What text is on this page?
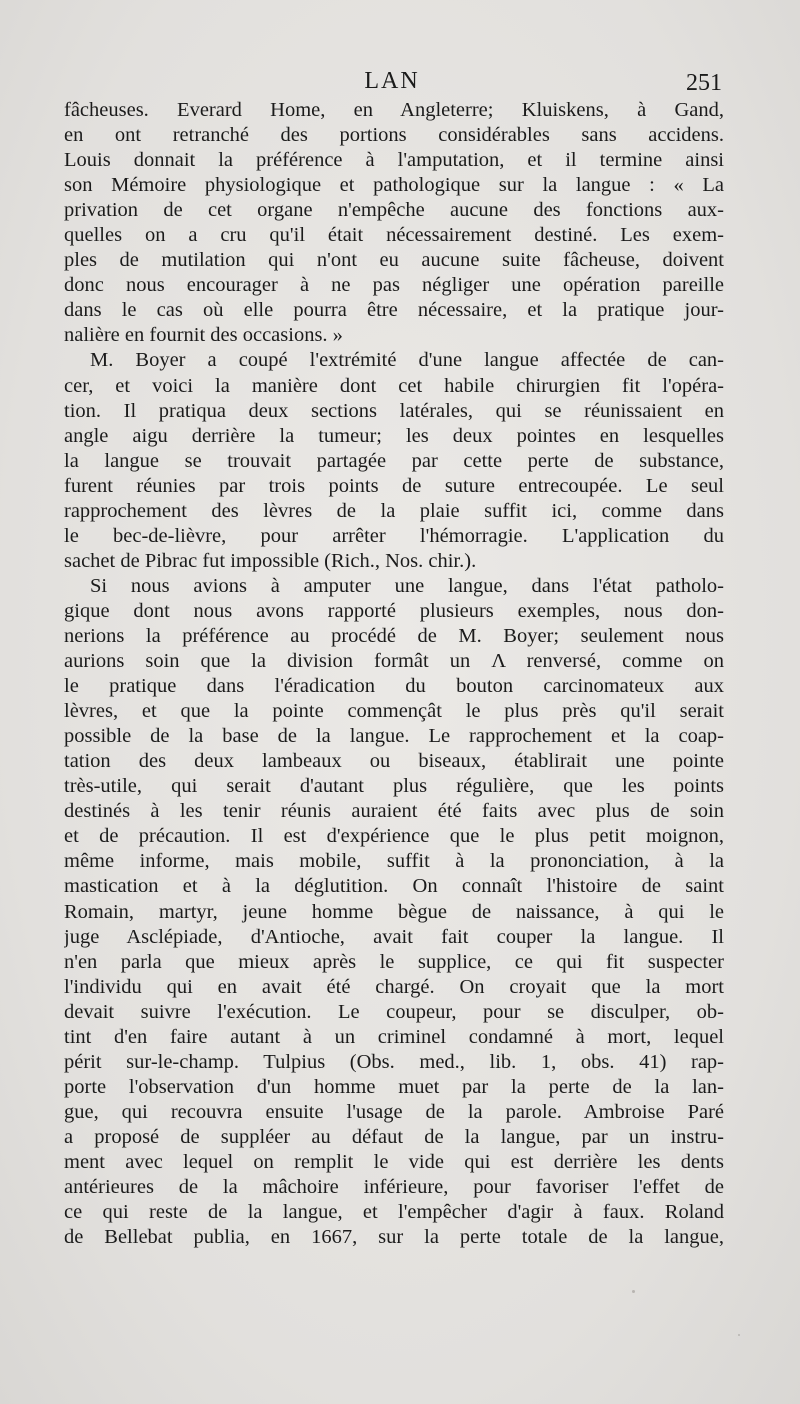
LAN	251
fâcheuses. Everard Home, en Angleterre; Kluiskens, à Gand,
en ont retranché des portions considérables sans accidens.
Louis donnait la préférence à l'amputation, et il termine ainsi
son Mémoire physiologique et pathologique sur la langue : « La
privation de cet organe n'empêche aucune des fonctions aux-
quelles on a cru qu'il était nécessairement destiné. Les exem-
ples de mutilation qui n'ont eu aucune suite fâcheuse, doivent
donc nous encourager à ne pas négliger une opération pareille
dans le cas où elle pourra être nécessaire, et la pratique jour-
nalière en fournit des occasions. »
M. Boyer a coupé l'extrémité d'une langue affectée de can-
cer, et voici la manière dont cet habile chirurgien fit l'opéra-
tion. Il pratiqua deux sections latérales, qui se réunissaient en
angle aigu derrière la tumeur; les deux pointes en lesquelles
la langue se trouvait partagée par cette perte de substance,
furent réunies par trois points de suture entrecoupée. Le seul
rapprochement des lèvres de la plaie suffit ici, comme dans
le bec-de-lièvre, pour arrêter l'hémorragie. L'application du
sachet de Pibrac fut impossible (Rich., Nos. chir.).
Si nous avions à amputer une langue, dans l'état patholo-
gique dont nous avons rapporté plusieurs exemples, nous don-
nerions la préférence au procédé de M. Boyer; seulement nous
aurions soin que la division formât un Λ renversé, comme on
le pratique dans l'éradication du bouton carcinomateux aux
lèvres, et que la pointe commençât le plus près qu'il serait
possible de la base de la langue. Le rapprochement et la coap-
tation des deux lambeaux ou biseaux, établirait une pointe
très-utile, qui serait d'autant plus régulière, que les points
destinés à les tenir réunis auraient été faits avec plus de soin
et de précaution. Il est d'expérience que le plus petit moignon,
même informe, mais mobile, suffit à la prononciation, à la
mastication et à la déglutition. On connaît l'histoire de saint
Romain, martyr, jeune homme bègue de naissance, à qui le
juge Asclépiade, d'Antioche, avait fait couper la langue. Il
n'en parla que mieux après le supplice, ce qui fit suspecter
l'individu qui en avait été chargé. On croyait que la mort
devait suivre l'exécution. Le coupeur, pour se disculper, ob-
tint d'en faire autant à un criminel condamné à mort, lequel
périt sur-le-champ. Tulpius (Obs. med., lib. 1, obs. 41) rap-
porte l'observation d'un homme muet par la perte de la lan-
gue, qui recouvra ensuite l'usage de la parole. Ambroise Paré
a proposé de suppléer au défaut de la langue, par un instru-
ment avec lequel on remplit le vide qui est derrière les dents
antérieures de la mâchoire inférieure, pour favoriser l'effet de
ce qui reste de la langue, et l'empêcher d'agir à faux. Roland
de Bellebat publia, en 1667, sur la perte totale de la langue,
